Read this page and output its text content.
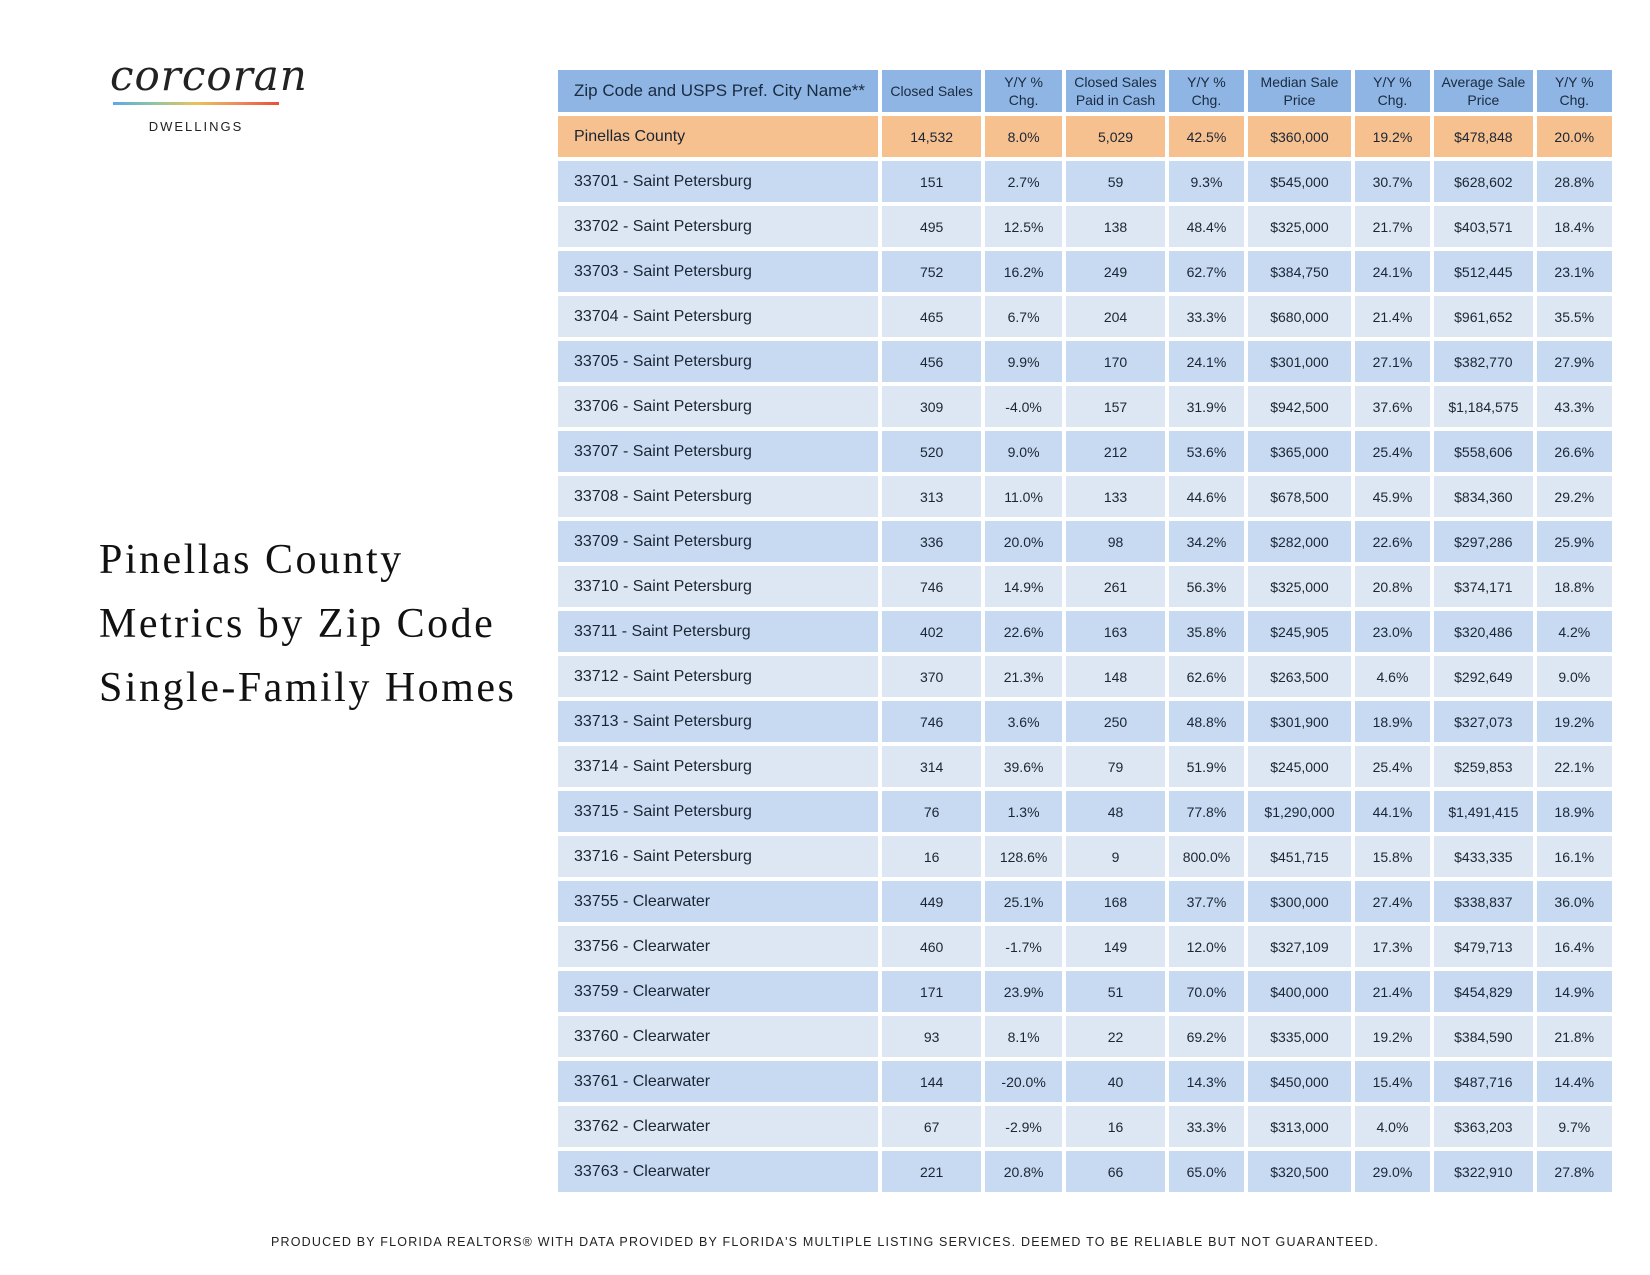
corcoran
DWELLINGS
Pinellas County
Metrics by Zip Code
Single-Family Homes
Zip Code and USPS Pref. City Name**	Closed Sales	Y/Y % Chg.	Closed Sales Paid in Cash	Y/Y % Chg.	Median Sale Price	Y/Y % Chg.	Average Sale Price	Y/Y % Chg.
Pinellas County	14,532	8.0%	5,029	42.5%	$360,000	19.2%	$478,848	20.0%
33701 - Saint Petersburg	151	2.7%	59	9.3%	$545,000	30.7%	$628,602	28.8%
33702 - Saint Petersburg	495	12.5%	138	48.4%	$325,000	21.7%	$403,571	18.4%
33703 - Saint Petersburg	752	16.2%	249	62.7%	$384,750	24.1%	$512,445	23.1%
33704 - Saint Petersburg	465	6.7%	204	33.3%	$680,000	21.4%	$961,652	35.5%
33705 - Saint Petersburg	456	9.9%	170	24.1%	$301,000	27.1%	$382,770	27.9%
33706 - Saint Petersburg	309	-4.0%	157	31.9%	$942,500	37.6%	$1,184,575	43.3%
33707 - Saint Petersburg	520	9.0%	212	53.6%	$365,000	25.4%	$558,606	26.6%
33708 - Saint Petersburg	313	11.0%	133	44.6%	$678,500	45.9%	$834,360	29.2%
33709 - Saint Petersburg	336	20.0%	98	34.2%	$282,000	22.6%	$297,286	25.9%
33710 - Saint Petersburg	746	14.9%	261	56.3%	$325,000	20.8%	$374,171	18.8%
33711 - Saint Petersburg	402	22.6%	163	35.8%	$245,905	23.0%	$320,486	4.2%
33712 - Saint Petersburg	370	21.3%	148	62.6%	$263,500	4.6%	$292,649	9.0%
33713 - Saint Petersburg	746	3.6%	250	48.8%	$301,900	18.9%	$327,073	19.2%
33714 - Saint Petersburg	314	39.6%	79	51.9%	$245,000	25.4%	$259,853	22.1%
33715 - Saint Petersburg	76	1.3%	48	77.8%	$1,290,000	44.1%	$1,491,415	18.9%
33716 - Saint Petersburg	16	128.6%	9	800.0%	$451,715	15.8%	$433,335	16.1%
33755 - Clearwater	449	25.1%	168	37.7%	$300,000	27.4%	$338,837	36.0%
33756 - Clearwater	460	-1.7%	149	12.0%	$327,109	17.3%	$479,713	16.4%
33759 - Clearwater	171	23.9%	51	70.0%	$400,000	21.4%	$454,829	14.9%
33760 - Clearwater	93	8.1%	22	69.2%	$335,000	19.2%	$384,590	21.8%
33761 - Clearwater	144	-20.0%	40	14.3%	$450,000	15.4%	$487,716	14.4%
33762 - Clearwater	67	-2.9%	16	33.3%	$313,000	4.0%	$363,203	9.7%
33763 - Clearwater	221	20.8%	66	65.0%	$320,500	29.0%	$322,910	27.8%
PRODUCED BY FLORIDA REALTORS® WITH DATA PROVIDED BY FLORIDA'S MULTIPLE LISTING SERVICES. DEEMED TO BE RELIABLE BUT NOT GUARANTEED.
